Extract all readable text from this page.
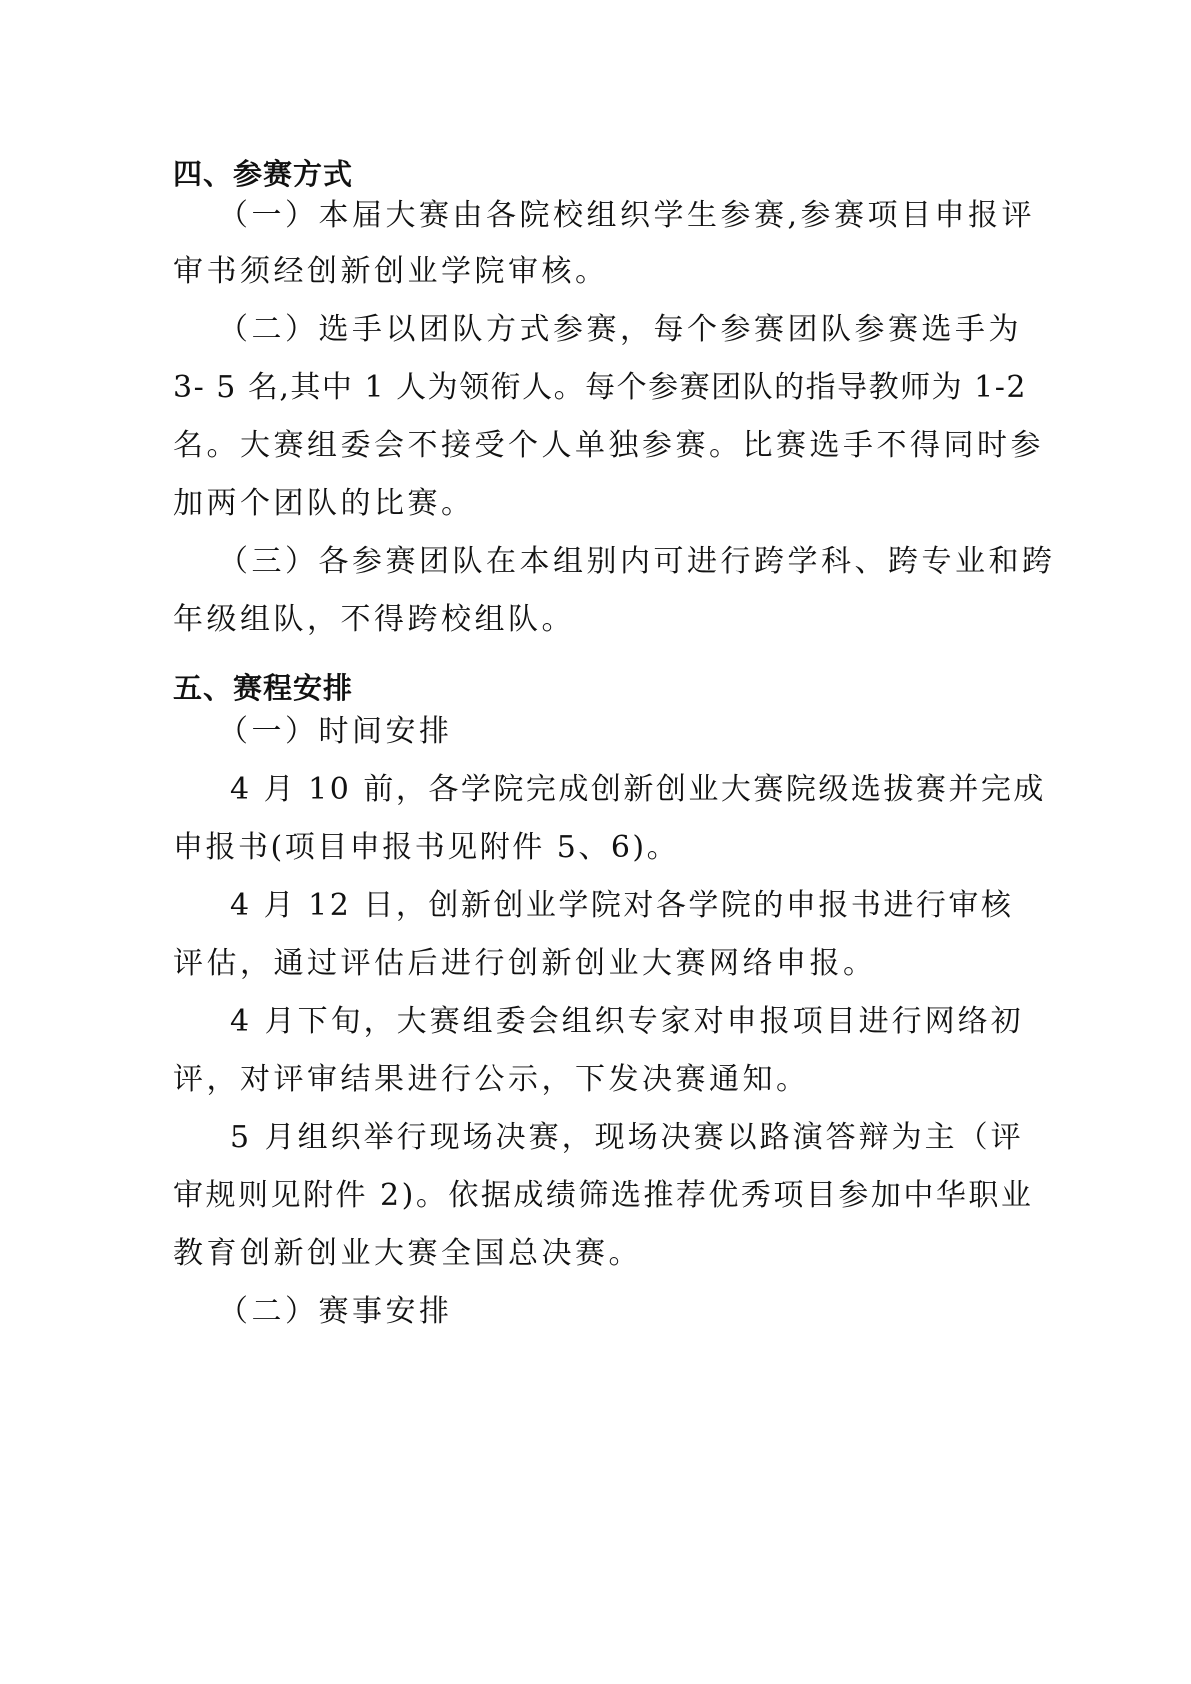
四、参赛方式
（一）本届大赛由各院校组织学生参赛,参赛项目申报评
审书须经创新创业学院审核。
（二）选手以团队方式参赛，每个参赛团队参赛选手为
3- 5 名,其中 1 人为领衔人。每个参赛团队的指导教师为 1-2
名。大赛组委会不接受个人单独参赛。比赛选手不得同时参
加两个团队的比赛。
（三）各参赛团队在本组别内可进行跨学科、跨专业和跨
年级组队，不得跨校组队。
五、赛程安排
（一）时间安排
4 月 10 前，各学院完成创新创业大赛院级选拔赛并完成
申报书(项目申报书见附件 5、6)。
4 月 12 日，创新创业学院对各学院的申报书进行审核
评估，通过评估后进行创新创业大赛网络申报。
4 月下旬，大赛组委会组织专家对申报项目进行网络初
评，对评审结果进行公示，下发决赛通知。
5 月组织举行现场决赛，现场决赛以路演答辩为主（评
审规则见附件 2)。依据成绩筛选推荐优秀项目参加中华职业
教育创新创业大赛全国总决赛。
（二）赛事安排
